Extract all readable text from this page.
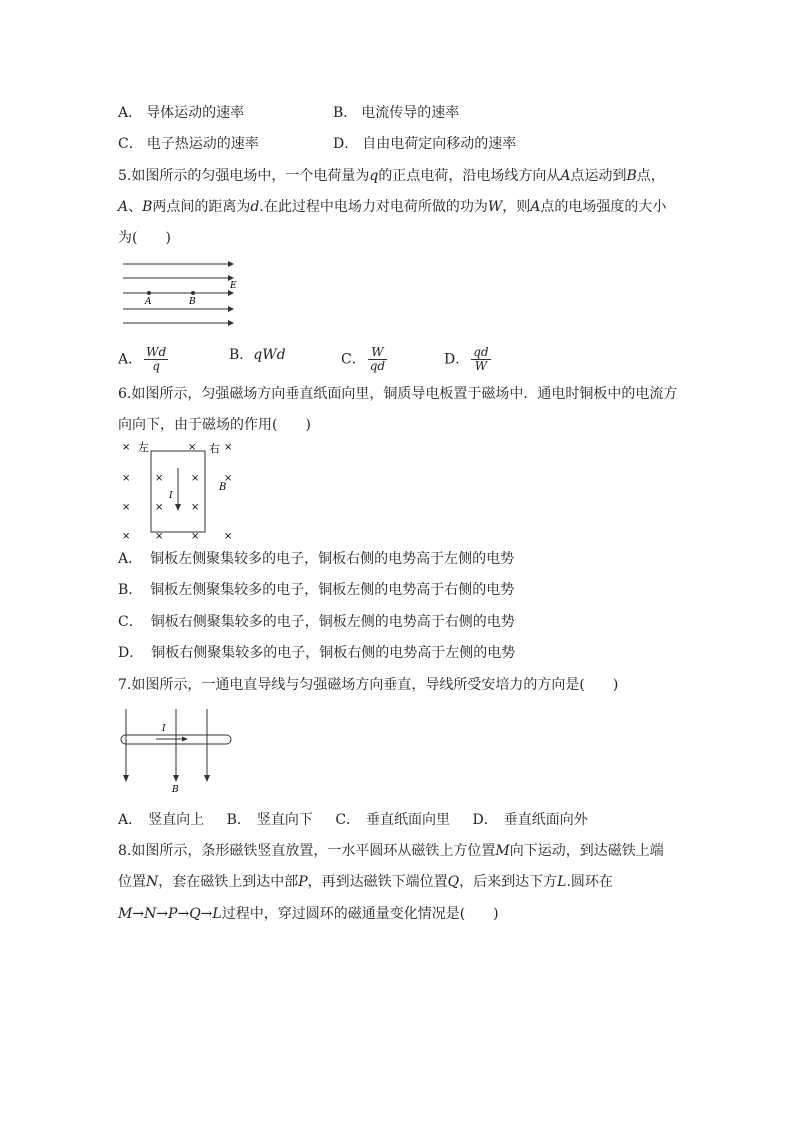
A． 导体运动的速率	B． 电流传导的速率
C． 电子热运动的速率	D． 自由电荷定向移动的速率
5.如图所示的匀强电场中，一个电荷量为q的正点电荷，沿电场线方向从A点运动到B点，
A、B两点间的距离为d.在此过程中电场力对电荷所做的功为W，则A点的电场强度的大小
为(　　)
A	B
E
A． $\frac{Wd}{q}$	B．qWd	C． $\frac{W}{qd}$	D． $\frac{qd}{W}$
6.如图所示，匀强磁场方向垂直纸面向里，铜质导电板置于磁场中．通电时铜板中的电流方
向向下，由于磁场的作用(　　)
×	×
× ×	× ×
× ×	×
× ×	× ×
×
左	右
I
B
A． 铜板左侧聚集较多的电子，铜板右侧的电势高于左侧的电势
B． 铜板左侧聚集较多的电子，铜板左侧的电势高于右侧的电势
C． 铜板右侧聚集较多的电子，铜板左侧的电势高于右侧的电势
D． 铜板右侧聚集较多的电子，铜板右侧的电势高于左侧的电势
7.如图所示，一通电直导线与匀强磁场方向垂直，导线所受安培力的方向是(　　)
I
B
A． 竖直向上 B． 竖直向下 C． 垂直纸面向里 D． 垂直纸面向外
8.如图所示，条形磁铁竖直放置，一水平圆环从磁铁上方位置M向下运动，到达磁铁上端
位置N，套在磁铁上到达中部P，再到达磁铁下端位置Q，后来到达下方L.圆环在
M→N→P→Q→L过程中，穿过圆环的磁通量变化情况是(　　)
